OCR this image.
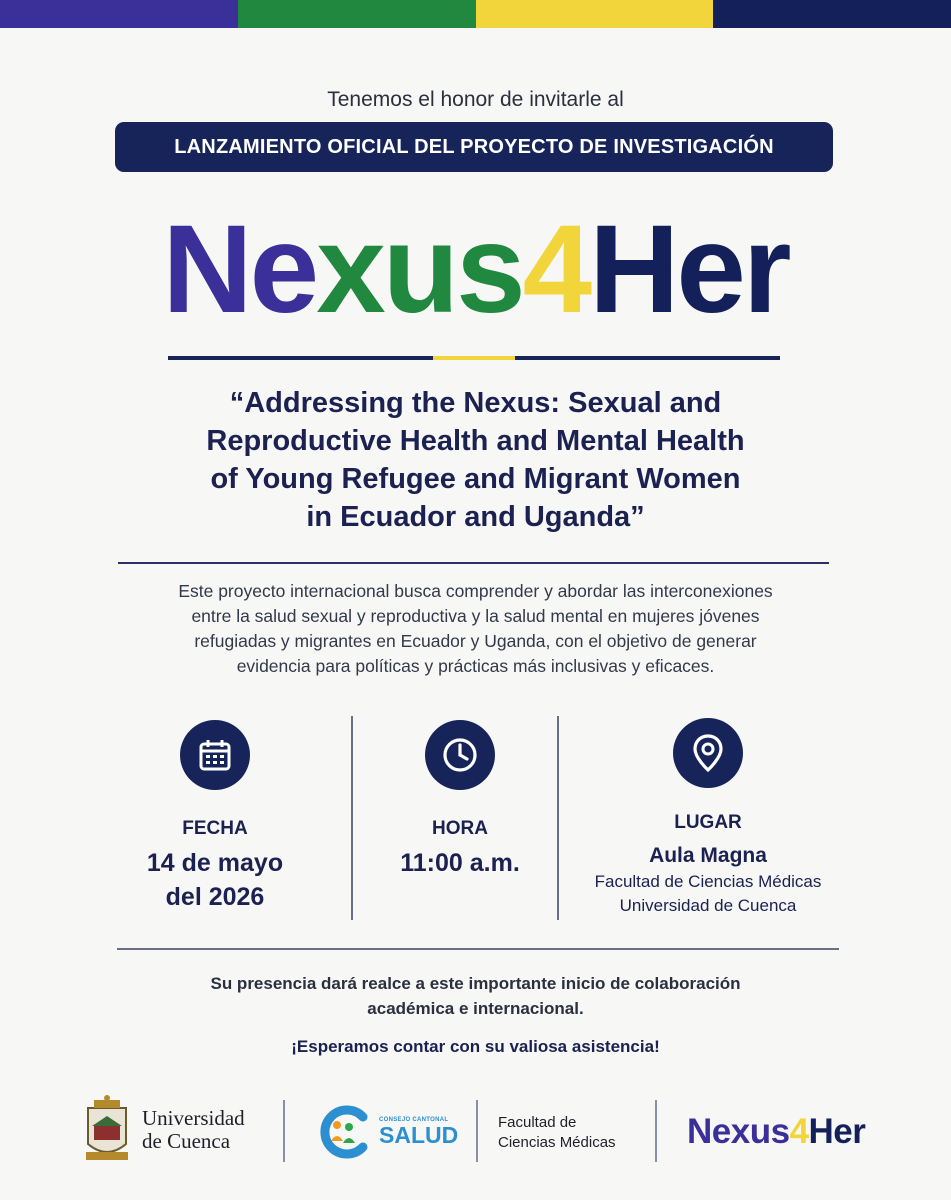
Tenemos el honor de invitarle al
LANZAMIENTO OFICIAL DEL PROYECTO DE INVESTIGACIÓN
Nexus4Her
“Addressing the Nexus: Sexual and
Reproductive Health and Mental Health
of Young Refugee and Migrant Women
in Ecuador and Uganda”
Este proyecto internacional busca comprender y abordar las interconexiones
entre la salud sexual y reproductiva y la salud mental en mujeres jóvenes
refugiadas y migrantes en Ecuador y Uganda, con el objetivo de generar
evidencia para políticas y prácticas más inclusivas y eficaces.
FECHA
14 de mayo
del 2026
HORA
11:00 a.m.
LUGAR
Aula Magna
Facultad de Ciencias Médicas
Universidad de Cuenca
Su presencia dará realce a este importante inicio de colaboración
académica e internacional.
¡Esperamos contar con su valiosa asistencia!
Universidad
de Cuenca
CONSEJO CANTONAL
SALUD	Facultad de
Ciencias Médicas Nexus4Her
